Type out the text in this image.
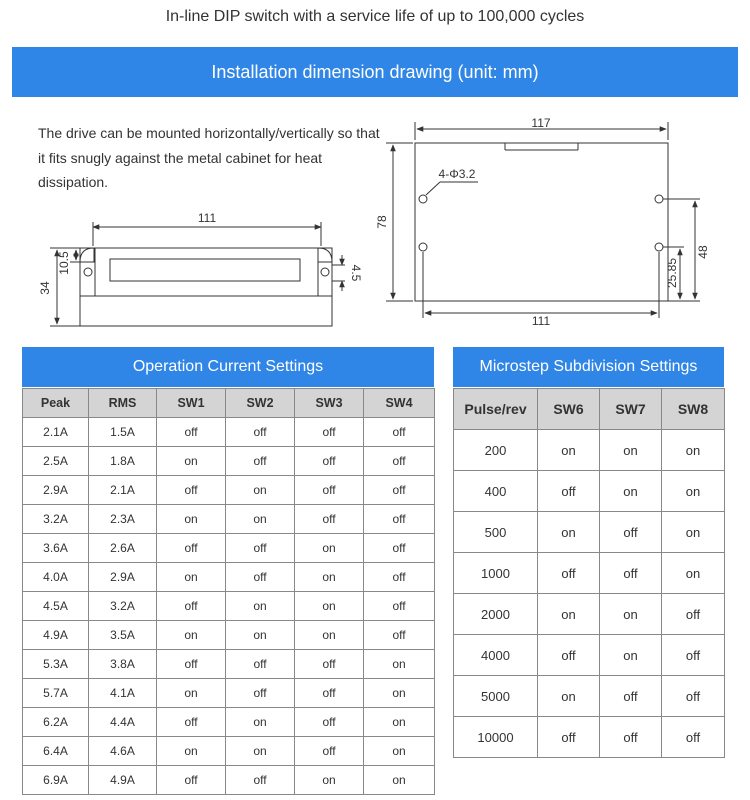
In-line DIP switch with a service life of up to 100,000 cycles
Installation dimension drawing (unit: mm)
The drive can be mounted horizontally/vertically so that it fits snugly against the metal cabinet for heat dissipation.
111
34
10.5	4.5
117
78
4-Φ3.2
111
48
25.85
Operation Current Settings
Peak	RMS	SW1	SW2	SW3	SW4
2.1A	1.5A	off	off	off	off
2.5A	1.8A	on	off	off	off
2.9A	2.1A	off	on	off	off
3.2A	2.3A	on	on	off	off
3.6A	2.6A	off	off	on	off
4.0A	2.9A	on	off	on	off
4.5A	3.2A	off	on	on	off
4.9A	3.5A	on	on	on	off
5.3A	3.8A	off	off	off	on
5.7A	4.1A	on	off	off	on
6.2A	4.4A	off	on	off	on
6.4A	4.6A	on	on	off	on
6.9A	4.9A	off	off	on	on
Microstep Subdivision Settings
Pulse/rev	SW6	SW7	SW8
200	on	on	on
400	off	on	on
500	on	off	on
1000	off	off	on
2000	on	on	off
4000	off	on	off
5000	on	off	off
10000	off	off	off
